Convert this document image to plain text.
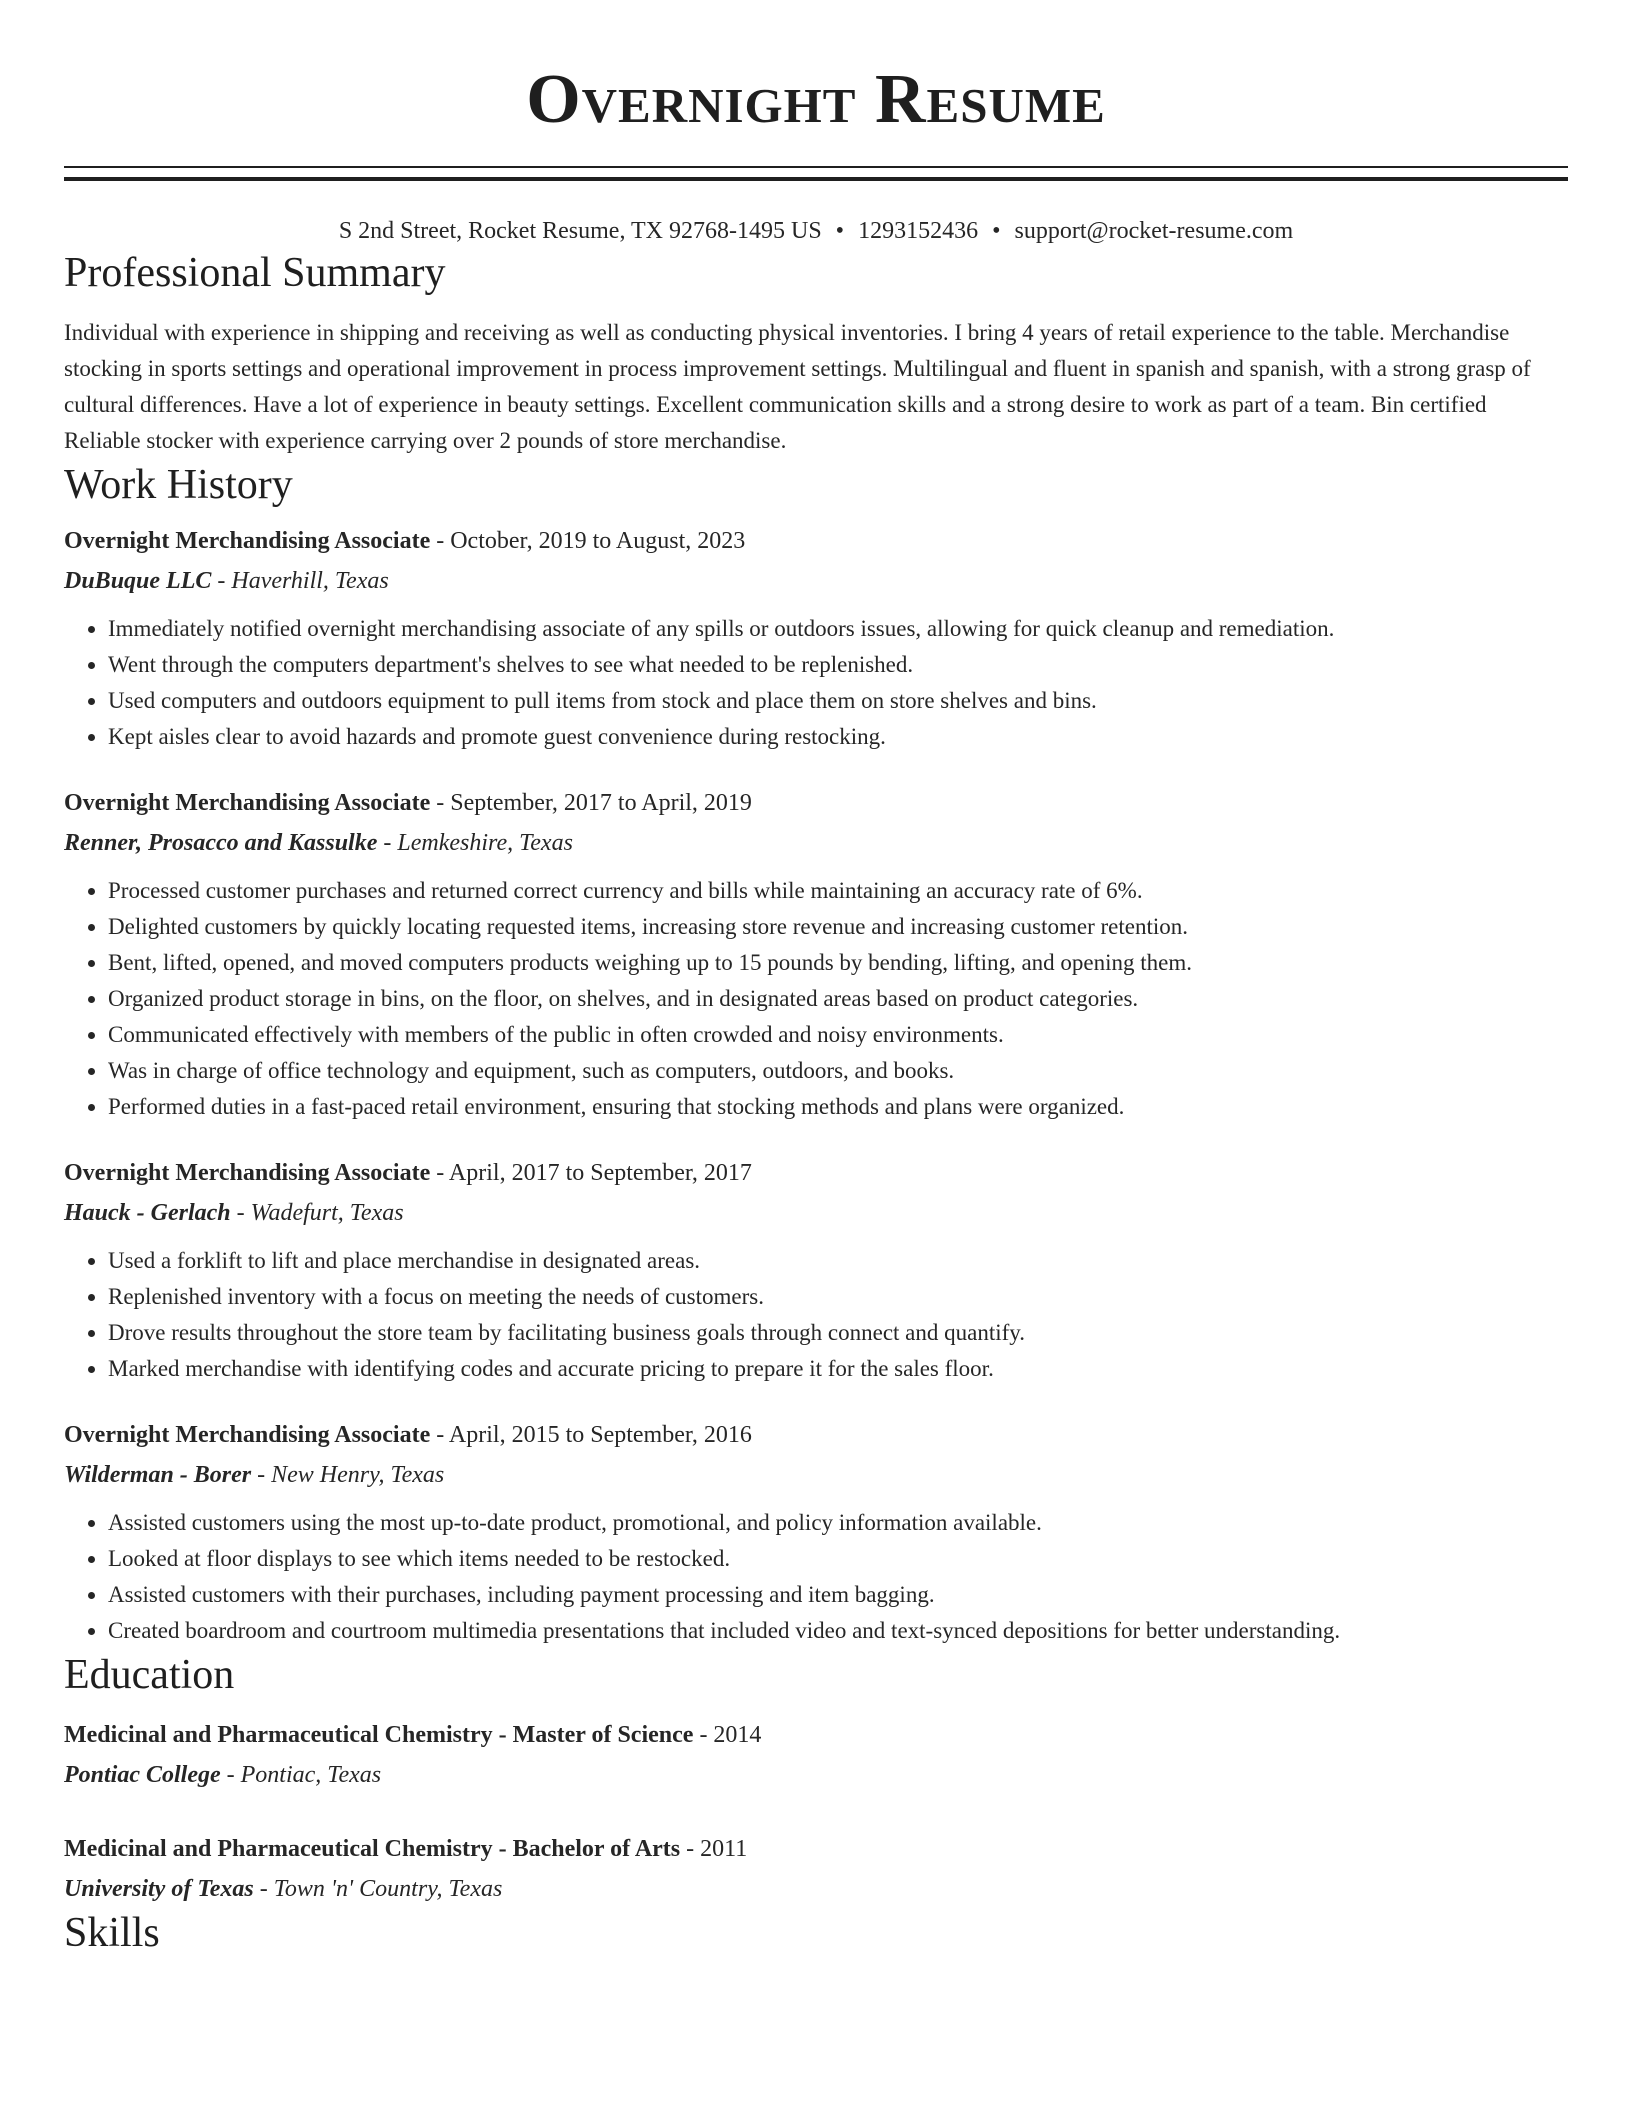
Overnight Resume
S 2nd Street, Rocket Resume, TX 92768-1495 US • 1293152436 • support@rocket-resume.com
Professional Summary
Individual with experience in shipping and receiving as well as conducting physical inventories. I bring 4 years of retail experience to the table. Merchandise stocking in sports settings and operational improvement in process improvement settings. Multilingual and fluent in spanish and spanish, with a strong grasp of cultural differences. Have a lot of experience in beauty settings. Excellent communication skills and a strong desire to work as part of a team. Bin certified Reliable stocker with experience carrying over 2 pounds of store merchandise.
Work History
Overnight Merchandising Associate - October, 2019 to August, 2023
DuBuque LLC - Haverhill, Texas
• Immediately notified overnight merchandising associate of any spills or outdoors issues, allowing for quick cleanup and remediation.
• Went through the computers department's shelves to see what needed to be replenished.
• Used computers and outdoors equipment to pull items from stock and place them on store shelves and bins.
• Kept aisles clear to avoid hazards and promote guest convenience during restocking.
Overnight Merchandising Associate - September, 2017 to April, 2019
Renner, Prosacco and Kassulke - Lemkeshire, Texas
• Processed customer purchases and returned correct currency and bills while maintaining an accuracy rate of 6%.
• Delighted customers by quickly locating requested items, increasing store revenue and increasing customer retention.
• Bent, lifted, opened, and moved computers products weighing up to 15 pounds by bending, lifting, and opening them.
• Organized product storage in bins, on the floor, on shelves, and in designated areas based on product categories.
• Communicated effectively with members of the public in often crowded and noisy environments.
• Was in charge of office technology and equipment, such as computers, outdoors, and books.
• Performed duties in a fast-paced retail environment, ensuring that stocking methods and plans were organized.
Overnight Merchandising Associate - April, 2017 to September, 2017
Hauck - Gerlach - Wadefurt, Texas
• Used a forklift to lift and place merchandise in designated areas.
• Replenished inventory with a focus on meeting the needs of customers.
• Drove results throughout the store team by facilitating business goals through connect and quantify.
• Marked merchandise with identifying codes and accurate pricing to prepare it for the sales floor.
Overnight Merchandising Associate - April, 2015 to September, 2016
Wilderman - Borer - New Henry, Texas
• Assisted customers using the most up-to-date product, promotional, and policy information available.
• Looked at floor displays to see which items needed to be restocked.
• Assisted customers with their purchases, including payment processing and item bagging.
• Created boardroom and courtroom multimedia presentations that included video and text-synced depositions for better understanding.
Education
Medicinal and Pharmaceutical Chemistry - Master of Science - 2014
Pontiac College - Pontiac, Texas
Medicinal and Pharmaceutical Chemistry - Bachelor of Arts - 2011
University of Texas - Town 'n' Country, Texas
Skills
